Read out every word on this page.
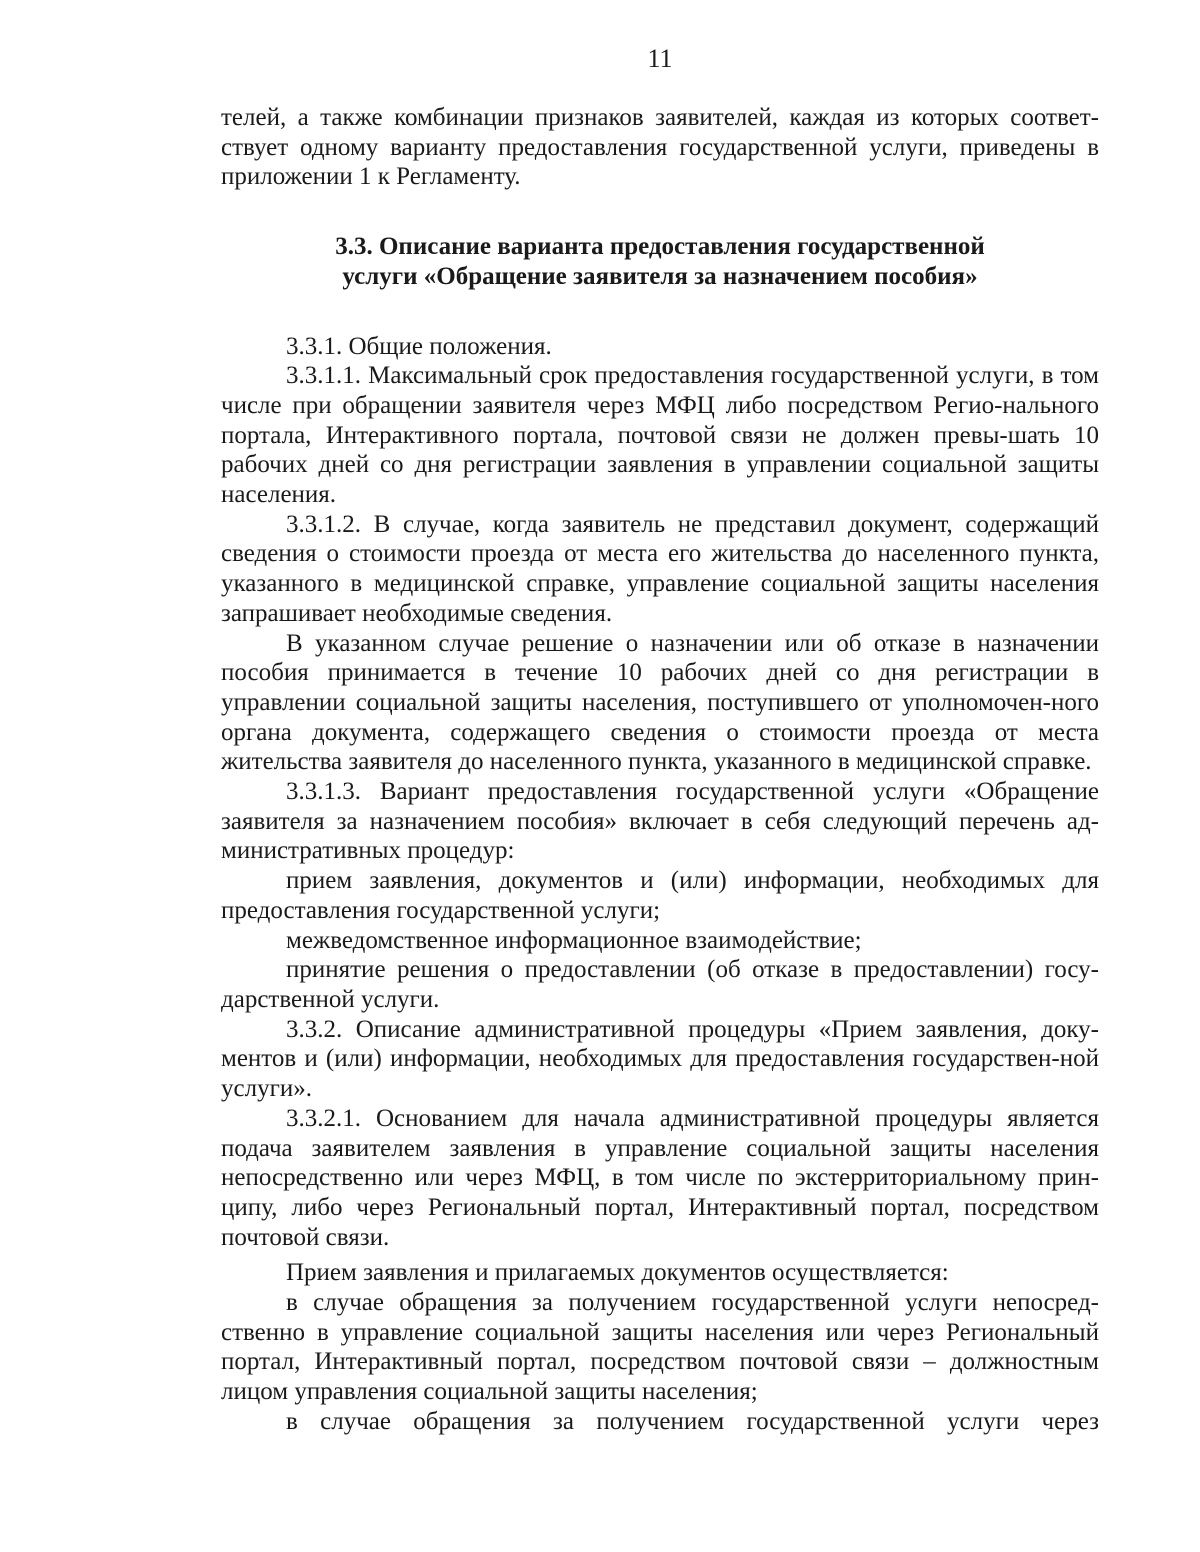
11

телей, а также комбинации признаков заявителей, каждая из которых соответ-ствует одному варианту предоставления государственной услуги, приведены в приложении 1 к Регламенту.

3.3. Описание варианта предоставления государственной
услуги «Обращение заявителя за назначением пособия»

3.3.1. Общие положения.

3.3.1.1. Максимальный срок предоставления государственной услуги, в том числе при обращении заявителя через МФЦ либо посредством Регио-нального портала, Интерактивного портала, почтовой связи не должен превы-шать 10 рабочих дней со дня регистрации заявления в управлении социальной защиты населения.

3.3.1.2. В случае, когда заявитель не представил документ, содержащий сведения о стоимости проезда от места его жительства до населенного пункта, указанного в медицинской справке, управление социальной защиты населения запрашивает необходимые сведения.

В указанном случае решение о назначении или об отказе в назначении пособия принимается в течение 10 рабочих дней со дня регистрации в управлении социальной защиты населения, поступившего от уполномочен-ного органа документа, содержащего сведения о стоимости проезда от места жительства заявителя до населенного пункта, указанного в медицинской справке.

3.3.1.3. Вариант предоставления государственной услуги «Обращение заявителя за назначением пособия» включает в себя следующий перечень ад-министративных процедур:

прием заявления, документов и (или) информации, необходимых для предоставления государственной услуги;

межведомственное информационное взаимодействие;

принятие решения о предоставлении (об отказе в предоставлении) госу-дарственной услуги.

3.3.2. Описание административной процедуры «Прием заявления, доку-ментов и (или) информации, необходимых для предоставления государствен-ной услуги».

3.3.2.1. Основанием для начала административной процедуры является подача заявителем заявления в управление социальной защиты населения непосредственно или через МФЦ, в том числе по экстерриториальному прин-ципу, либо через Региональный портал, Интерактивный портал, посредством почтовой связи.

Прием заявления и прилагаемых документов осуществляется:

в случае обращения за получением государственной услуги непосред-ственно в управление социальной защиты населения или через Региональный портал, Интерактивный портал, посредством почтовой связи – должностным лицом управления социальной защиты населения;

в случае обращения за получением государственной услуги через
